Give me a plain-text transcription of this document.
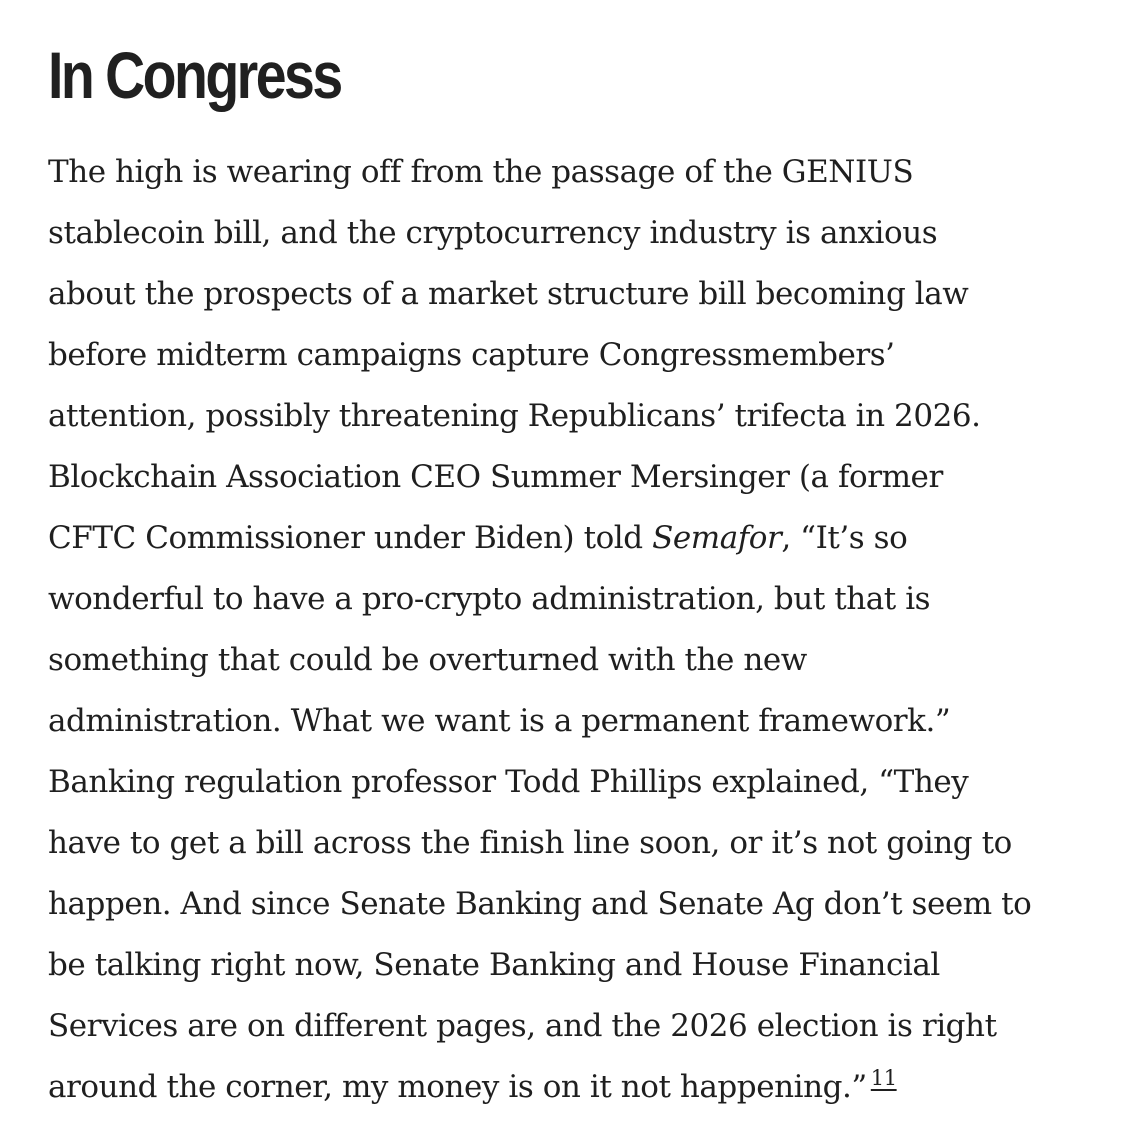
In Congress

The high is wearing off from the passage of the GENIUS
stablecoin bill, and the cryptocurrency industry is anxious
about the prospects of a market structure bill becoming law
before midterm campaigns capture Congressmembers’
attention, possibly threatening Republicans’ trifecta in 2026.
Blockchain Association CEO Summer Mersinger (a former
CFTC Commissioner under Biden) told Semafor, “It’s so
wonderful to have a pro-crypto administration, but that is
something that could be overturned with the new
administration. What we want is a permanent framework.”
Banking regulation professor Todd Phillips explained, “They
have to get a bill across the finish line soon, or it’s not going to
happen. And since Senate Banking and Senate Ag don’t seem to
be talking right now, Senate Banking and House Financial
Services are on different pages, and the 2026 election is right
around the corner, my money is on it not happening.” $^{11}$
